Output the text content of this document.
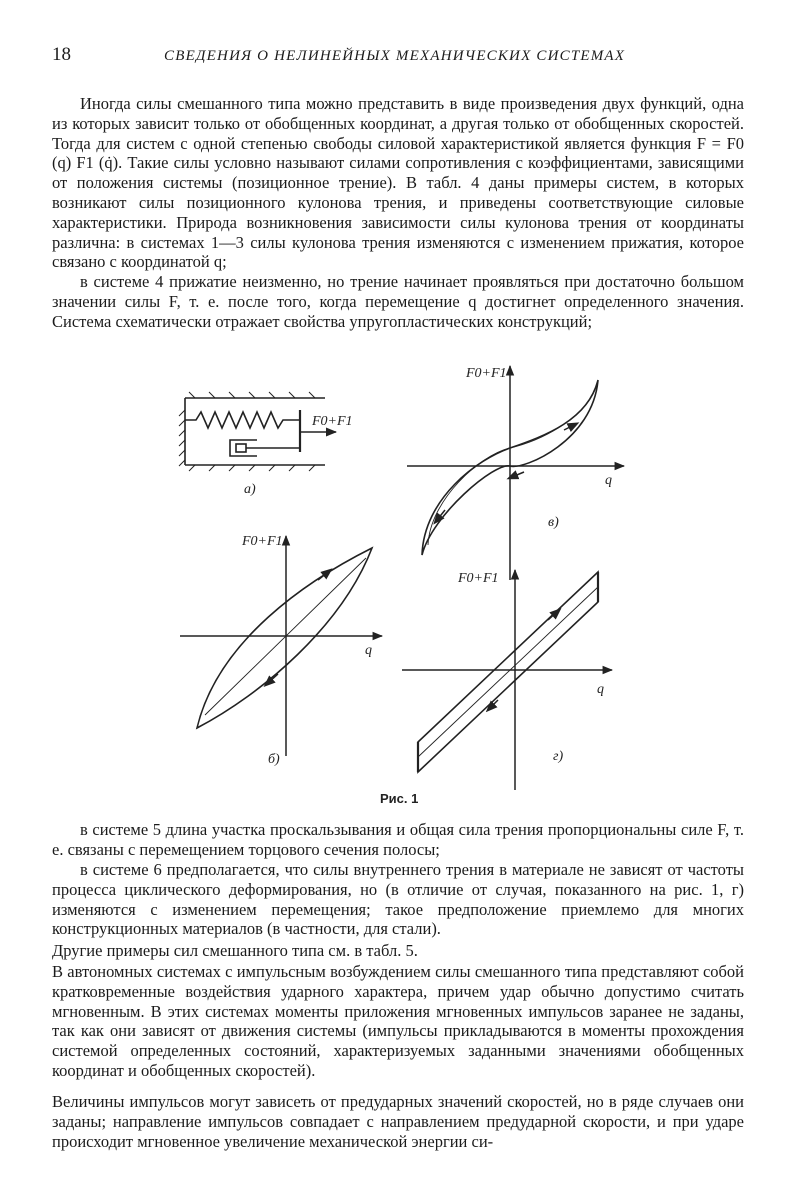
18	СВЕДЕНИЯ О НЕЛИНЕЙНЫХ МЕХАНИЧЕСКИХ СИСТЕМАХ

Иногда силы смешанного типа можно представить в виде произведения двух функций, одна из которых зависит только от обобщенных координат, а другая только от обобщенных скоростей. Тогда для систем с одной степенью свободы силовой характеристикой является функция F = F0 (q) F1 (q̇). Такие силы условно называют силами сопротивления с коэффициентами, зависящими от положения системы (позиционное трение). В табл. 4 даны примеры систем, в которых возникают силы позиционного кулонова трения, и приведены соответствующие силовые характеристики. Природа возникновения зависимости силы кулонова трения от координаты различна: в системах 1—3 силы кулонова трения изменяются с изменением прижатия, которое связано с координатой q;

в системе 4 прижатие неизменно, но трение начинает проявляться при достаточно большом значении силы F, т. е. после того, когда перемещение q достигнет определенного значения. Система схематически отражает свойства упругопластических конструкций;

F0+F1
a)
F0+F1
q
в)
F0+F1
q
б)
F0+F1
q
г)
Рис. 1

в системе 5 длина участка проскальзывания и общая сила трения пропорциональны силе F, т. е. связаны с перемещением торцового сечения полосы;

в системе 6 предполагается, что силы внутреннего трения в материале не зависят от частоты процесса циклического деформирования, но (в отличие от случая, показанного на рис. 1, г) изменяются с изменением перемещения; такое предположение приемлемо для многих конструкционных материалов (в частности, для стали).

Другие примеры сил смешанного типа см. в табл. 5.

В автономных системах с импульсным возбуждением силы смешанного типа представляют собой кратковременные воздействия ударного характера, причем удар обычно допустимо считать мгновенным. В этих системах моменты приложения мгновенных импульсов заранее не заданы, так как они зависят от движения системы (импульсы прикладываются в моменты прохождения системой определенных состояний, характеризуемых заданными значениями обобщенных координат и обобщенных скоростей).

Величины импульсов могут зависеть от предударных значений скоростей, но в ряде случаев они заданы; направление импульсов совпадает с направлением предударной скорости, и при ударе происходит мгновенное увеличение механической энергии си-
